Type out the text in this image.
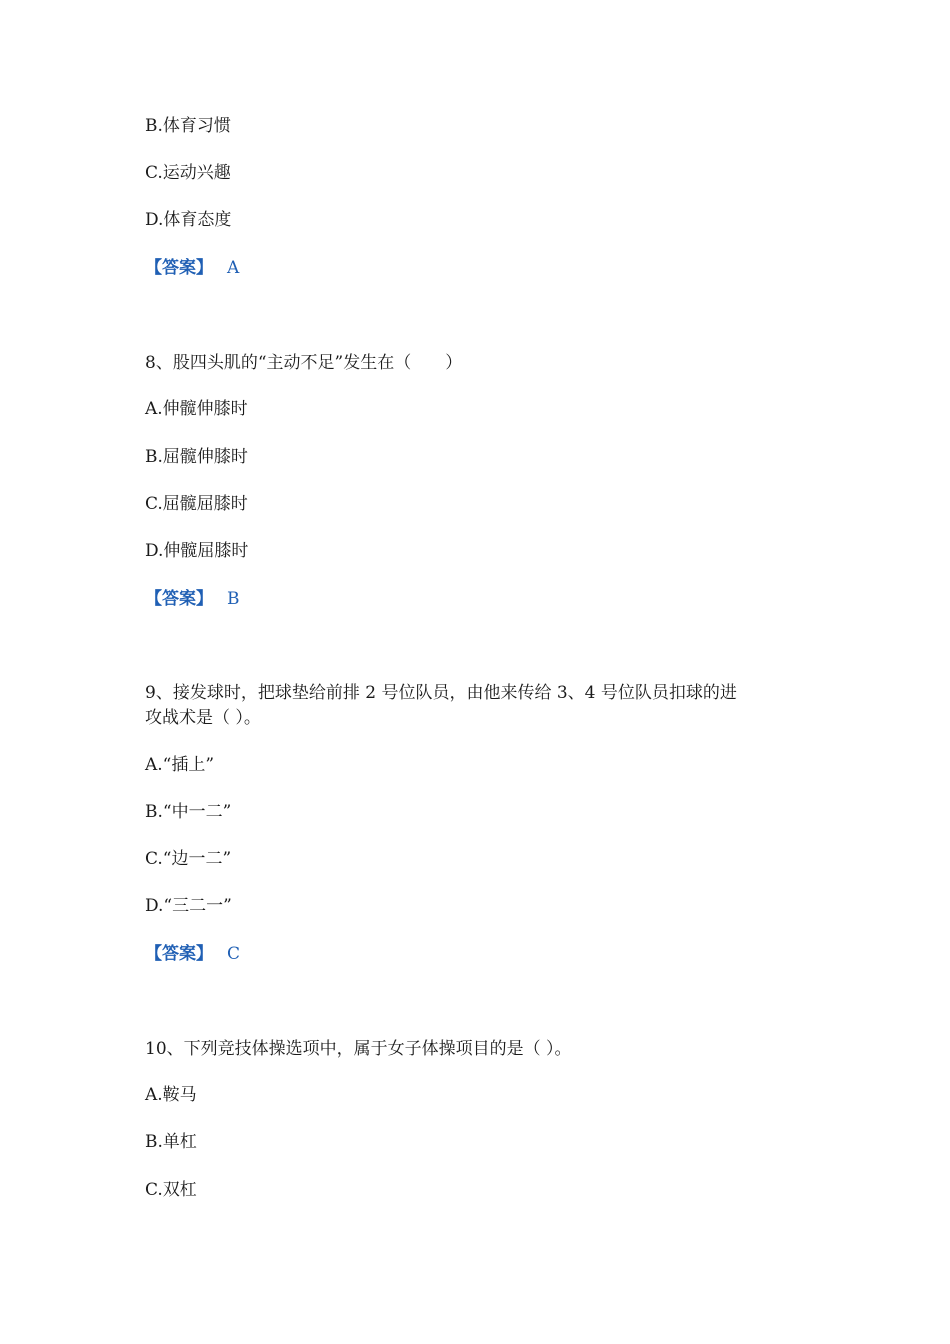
B.体育习惯
C.运动兴趣
D.体育态度
【答案】 A
8、股四头肌的“主动不足”发生在（　　）
A.伸髋伸膝时
B.屈髋伸膝时
C.屈髋屈膝时
D.伸髋屈膝时
【答案】 B
9、接发球时，把球垫给前排 2 号位队员，由他来传给 3、4 号位队员扣球的进
攻战术是（ ）。
A.“插上”
B.“中一二”
C.“边一二”
D.“三二一”
【答案】 C
10、下列竞技体操选项中，属于女子体操项目的是（ ）。
A.鞍马
B.单杠
C.双杠
